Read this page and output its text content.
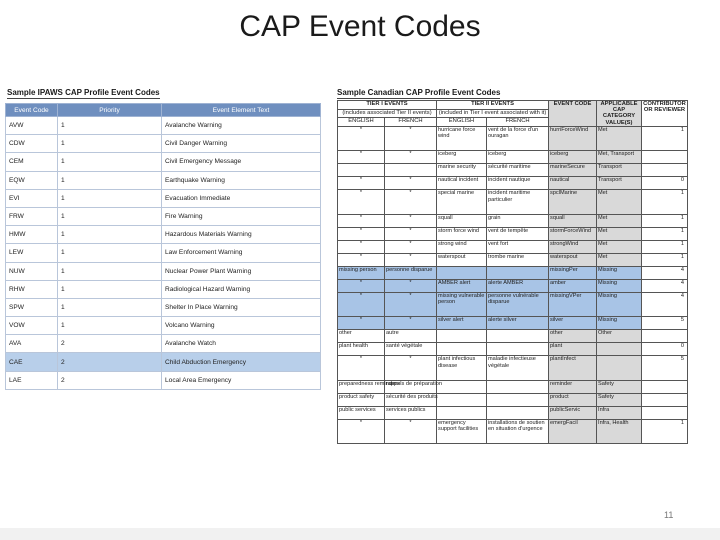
CAP Event Codes
Sample IPAWS CAP Profile Event Codes
Event Code	Priority	Event Element Text
AVW	1	Avalanche Warning
CDW	1	Civil Danger Warning
CEM	1	Civil Emergency Message
EQW	1	Earthquake Warning
EVI	1	Evacuation Immediate
FRW	1	Fire Warning
HMW	1	Hazardous Materials Warning
LEW	1	Law Enforcement Warning
NUW	1	Nuclear Power Plant Warning
RHW	1	Radiological Hazard Warning
SPW	1	Shelter In Place Warning
VOW	1	Volcano Warning
AVA	2	Avalanche Watch
CAE	2	Child Abduction Emergency
LAE	2	Local Area Emergency
Sample Canadian CAP Profile Event Codes
TIER I EVENTS		TIER II EVENTS		EVENT CODE	APPLICABLE CAP CATEGORY VALUE(S)	CONTRIBUTOR OR REVIEWER
(includes associated Tier II events)		(included in Tier I event associated with it)				
ENGLISH	FRENCH	ENGLISH	FRENCH			
*	*	hurricane force wind	vent de la force d'un ouragan	hurriForceWind	Met	1
*	*	iceberg	iceberg	iceberg	Met, Transport	
		marine security	sécurité maritime	marineSecure	Transport	
*	*	nautical incident	incident nautique	nautical	Transport	0
*	*	special marine	incident maritime particulier	spclMarine	Met	1
*	*	squall	grain	squall	Met	1
*	*	storm force wind	vent de tempête	stormForceWind	Met	1
*	*	strong wind	vent fort	strongWind	Met	1
*	*	waterspout	trombe marine	waterspout	Met	1
missing person	personne disparue			missingPer	Missing	4
*	*	AMBER alert	alerte AMBER	amber	Missing	4
*	*	missing vulnerable person	personne vulnérable disparue	missingVPer	Missing	4
*	*	silver alert	alerte silver	silver	Missing	5
other	autre			other	Other	
plant health	santé végétale			plant		0
*	*	plant infectious disease	maladie infectieuse végétale	plantInfect		5
preparedness reminders	rappels de préparation			reminder	Safety	
product safety	sécurité des produits			product	Safety	
public services	services publics			publicServic	Infra	
*	*	emergency support facilities	installations de soutien en situation d'urgence	emergFacil	Infra, Health	1
11
